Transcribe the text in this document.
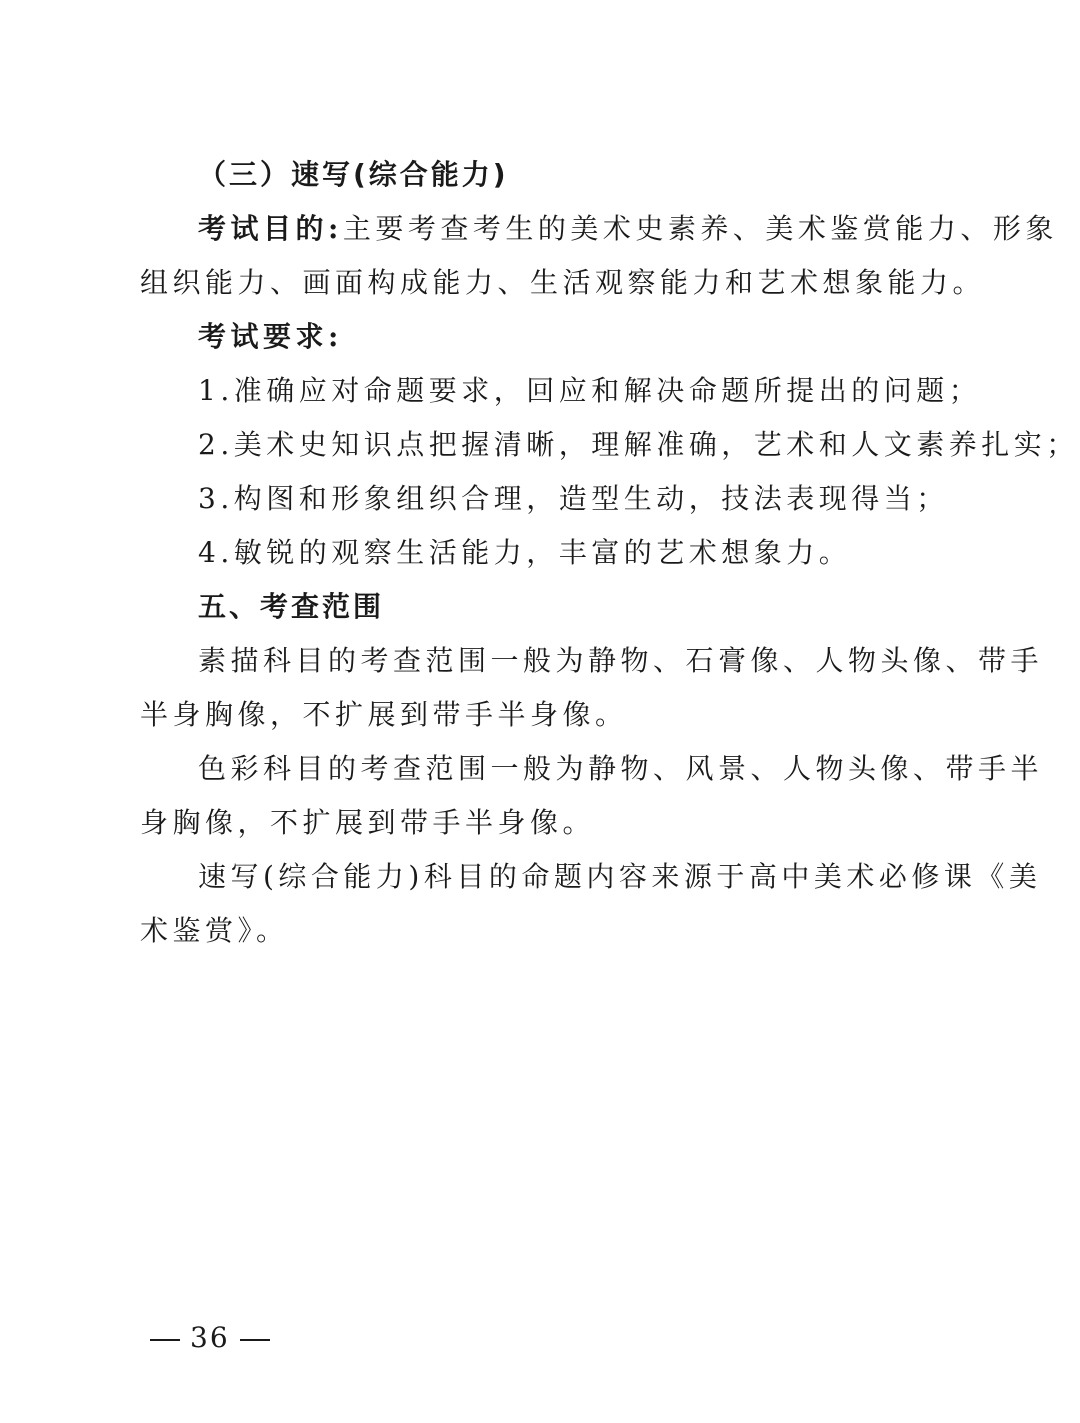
（三）速写(综合能力)
考试目的:主要考查考生的美术史素养、美术鉴赏能力、形象
组织能力、画面构成能力、生活观察能力和艺术想象能力。
考试要求:
1.准确应对命题要求，回应和解决命题所提出的问题；
2.美术史知识点把握清晰，理解准确，艺术和人文素养扎实；
3.构图和形象组织合理，造型生动，技法表现得当；
4.敏锐的观察生活能力，丰富的艺术想象力。
五、考查范围
素描科目的考查范围一般为静物、石膏像、人物头像、带手
半身胸像，不扩展到带手半身像。
色彩科目的考查范围一般为静物、风景、人物头像、带手半
身胸像，不扩展到带手半身像。
速写(综合能力)科目的命题内容来源于高中美术必修课《美
术鉴赏》。
36
